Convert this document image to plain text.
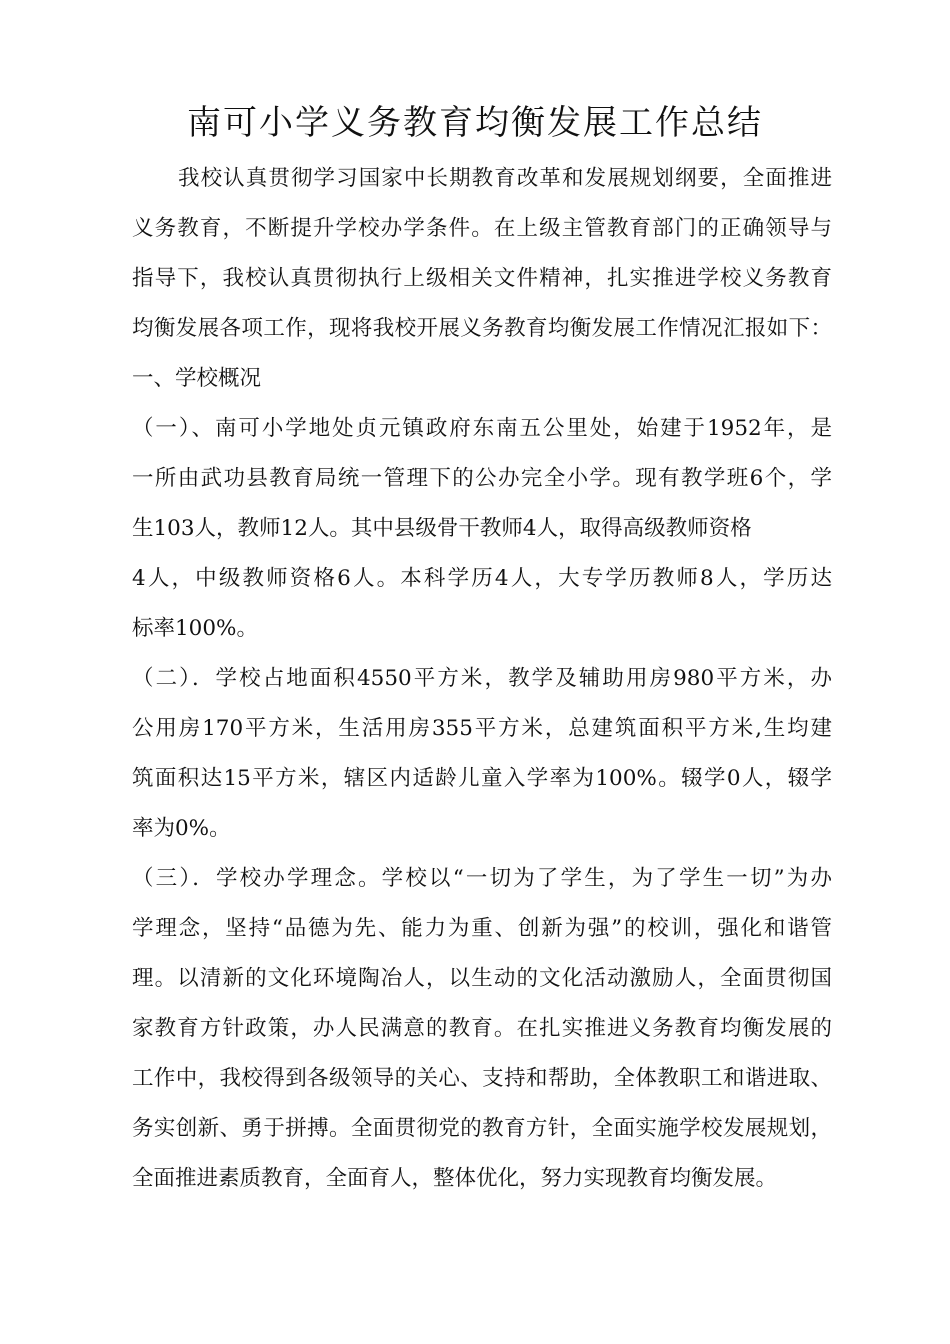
南可小学义务教育均衡发展工作总结
我校认真贯彻学习国家中长期教育改革和发展规划纲要，全面推进
义务教育，不断提升学校办学条件。在上级主管教育部门的正确领导与
指导下，我校认真贯彻执行上级相关文件精神，扎实推进学校义务教育
均衡发展各项工作，现将我校开展义务教育均衡发展工作情况汇报如下：
一、学校概况
（一）、南可小学地处贞元镇政府东南五公里处，始建于1952年，是
一所由武功县教育局统一管理下的公办完全小学。现有教学班6个，学
生103人，教师12人。其中县级骨干教师4人，取得高级教师资格
4人，中级教师资格6人。本科学历4人，大专学历教师8人，学历达
标率100%。
（二）．学校占地面积4550平方米，教学及辅助用房980平方米，办
公用房170平方米，生活用房355平方米，总建筑面积平方米,生均建
筑面积达15平方米，辖区内适龄儿童入学率为100%。辍学0人，辍学
率为0%。
（三）．学校办学理念。学校以“一切为了学生，为了学生一切”为办
学理念，坚持“品德为先、能力为重、创新为强”的校训，强化和谐管
理。以清新的文化环境陶冶人，以生动的文化活动激励人，全面贯彻国
家教育方针政策，办人民满意的教育。在扎实推进义务教育均衡发展的
工作中，我校得到各级领导的关心、支持和帮助，全体教职工和谐进取、
务实创新、勇于拼搏。全面贯彻党的教育方针，全面实施学校发展规划，
全面推进素质教育，全面育人，整体优化，努力实现教育均衡发展。
